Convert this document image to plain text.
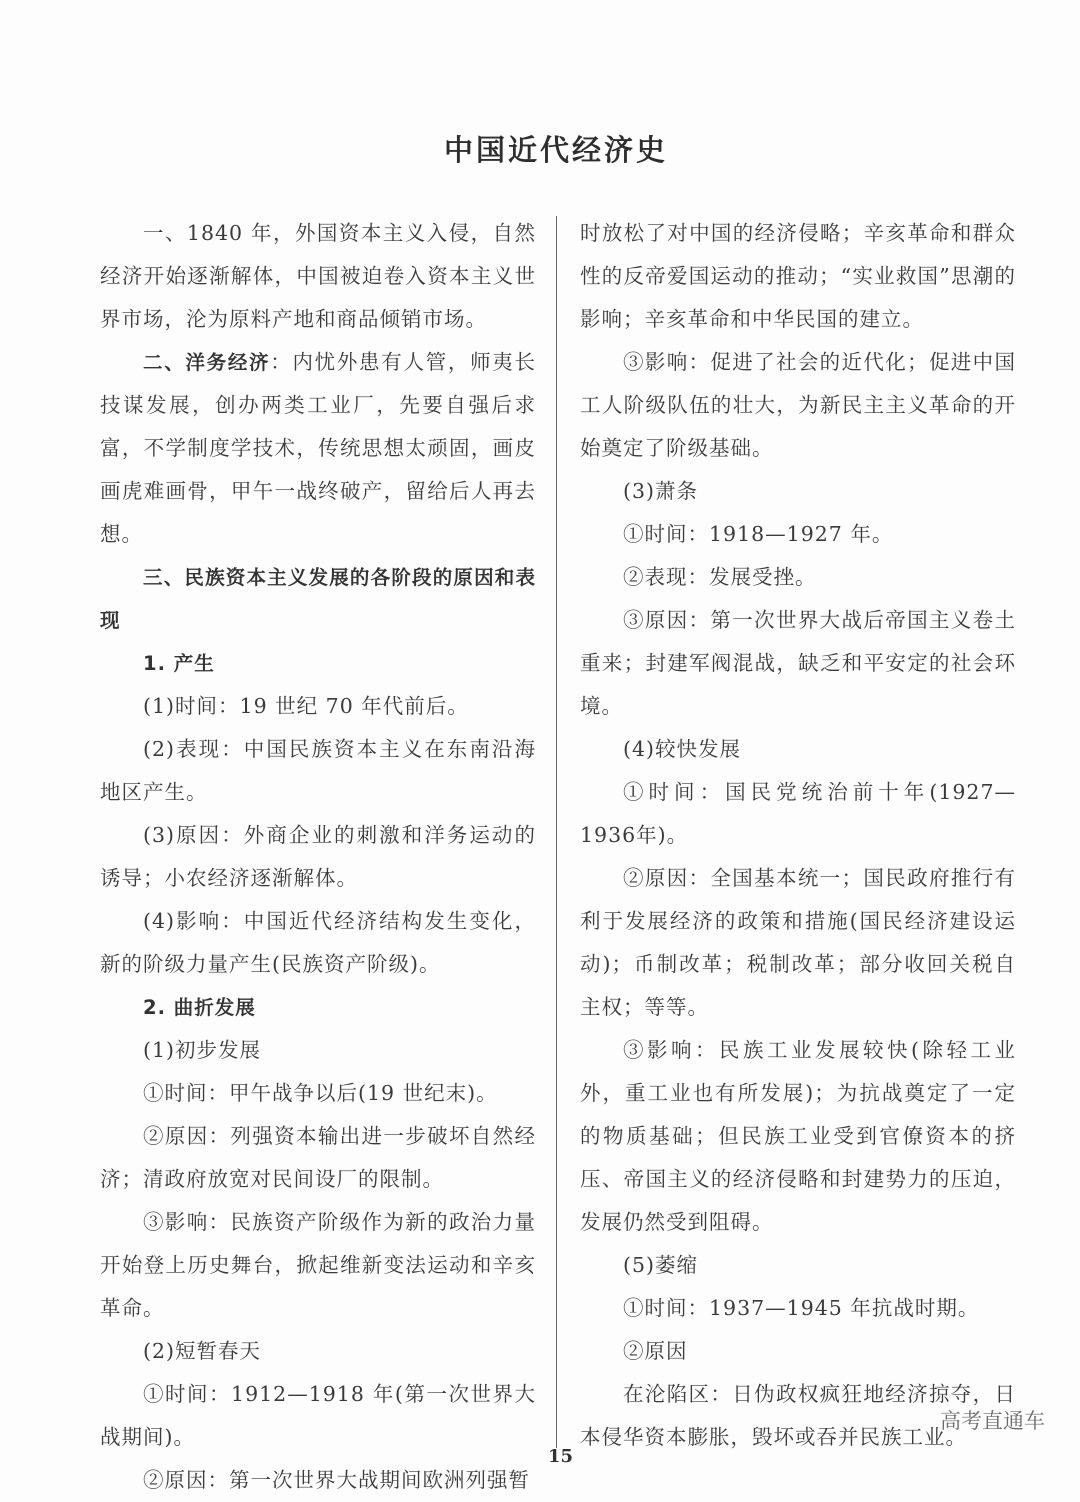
中国近代经济史

一、1840 年，外国资本主义入侵，自然经济开始逐渐解体，中国被迫卷入资本主义世界市场，沦为原料产地和商品倾销市场。

二、洋务经济：内忧外患有人管，师夷长技谋发展，创办两类工业厂，先要自强后求富，不学制度学技术，传统思想太顽固，画皮画虎难画骨，甲午一战终破产，留给后人再去想。

三、民族资本主义发展的各阶段的原因和表现

1. 产生

(1)时间：19 世纪 70 年代前后。

(2)表现：中国民族资本主义在东南沿海地区产生。

(3)原因：外商企业的刺激和洋务运动的诱导；小农经济逐渐解体。

(4)影响：中国近代经济结构发生变化，新的阶级力量产生(民族资产阶级)。

2. 曲折发展

(1)初步发展

①时间：甲午战争以后(19 世纪末)。

②原因：列强资本输出进一步破坏自然经济；清政府放宽对民间设厂的限制。

③影响：民族资产阶级作为新的政治力量开始登上历史舞台，掀起维新变法运动和辛亥革命。

(2)短暂春天

①时间：1912—1918 年(第一次世界大战期间)。

②原因：第一次世界大战期间欧洲列强暂

时放松了对中国的经济侵略；辛亥革命和群众性的反帝爱国运动的推动；“实业救国”思潮的影响；辛亥革命和中华民国的建立。

③影响：促进了社会的近代化；促进中国工人阶级队伍的壮大，为新民主主义革命的开始奠定了阶级基础。

(3)萧条

①时间：1918—1927 年。

②表现：发展受挫。

③原因：第一次世界大战后帝国主义卷土重来；封建军阀混战，缺乏和平安定的社会环境。

(4)较快发展

①时间：国民党统治前十年(1927—1936年)。

②原因：全国基本统一；国民政府推行有利于发展经济的政策和措施(国民经济建设运动)；币制改革；税制改革；部分收回关税自主权；等等。

③影响：民族工业发展较快(除轻工业外，重工业也有所发展)；为抗战奠定了一定的物质基础；但民族工业受到官僚资本的挤压、帝国主义的经济侵略和封建势力的压迫，发展仍然受到阻碍。

(5)萎缩

①时间：1937—1945 年抗战时期。

②原因

在沦陷区：日伪政权疯狂地经济掠夺，日本侵华资本膨胀，毁坏或吞并民族工业。

高考直通车
15
